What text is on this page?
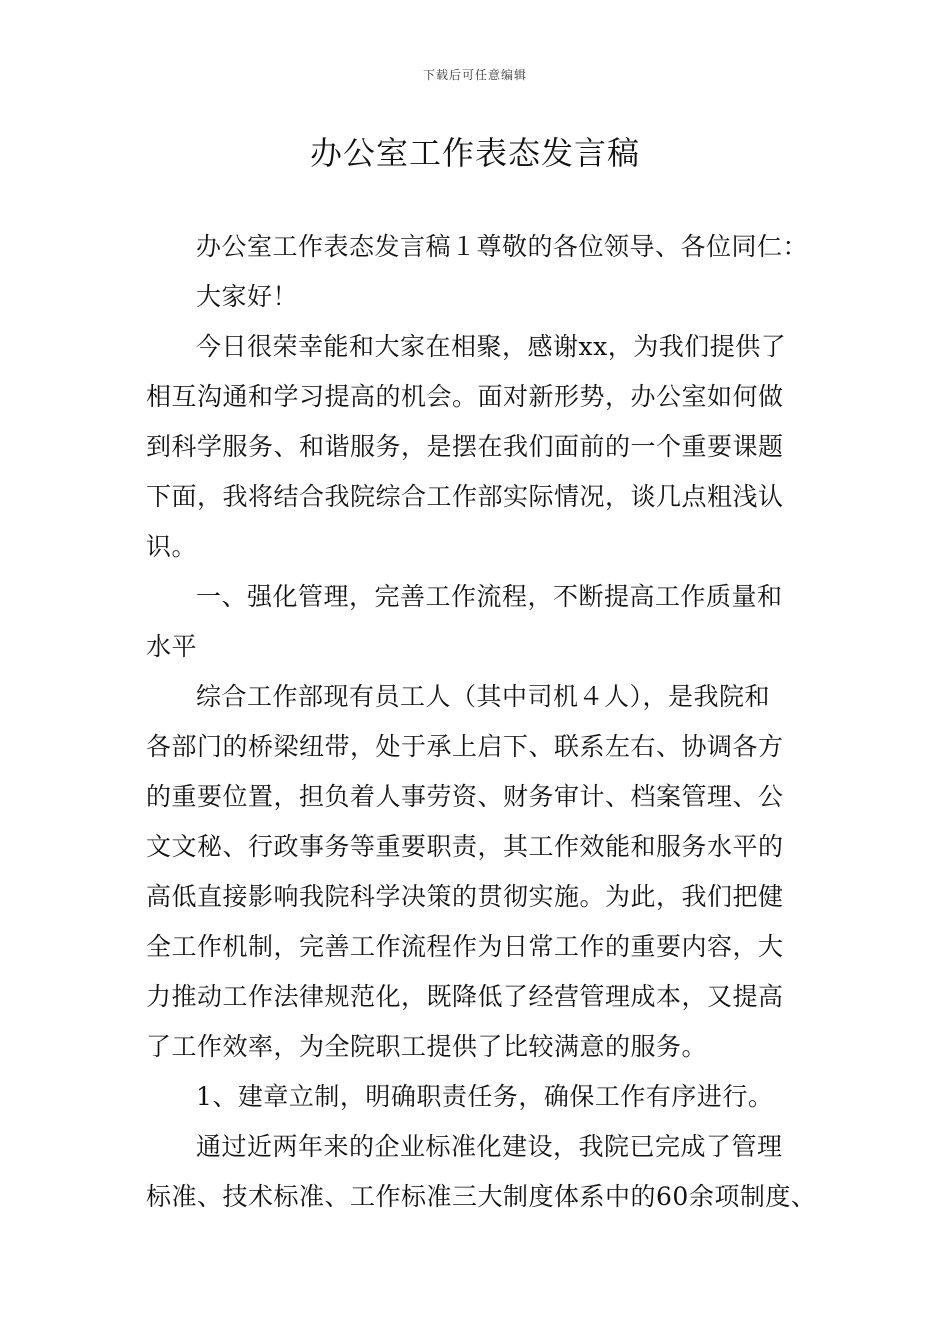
下载后可任意编辑
办公室工作表态发言稿
办公室工作表态发言稿１尊敬的各位领导、各位同仁：
大家好！
今日很荣幸能和大家在相聚，感谢xx，为我们提供了
相互沟通和学习提高的机会。面对新形势，办公室如何做
到科学服务、和谐服务，是摆在我们面前的一个重要课题
下面，我将结合我院综合工作部实际情况，谈几点粗浅认
识。
一、强化管理，完善工作流程，不断提高工作质量和
水平
综合工作部现有员工人（其中司机４人），是我院和
各部门的桥梁纽带，处于承上启下、联系左右、协调各方
的重要位置，担负着人事劳资、财务审计、档案管理、公
文文秘、行政事务等重要职责，其工作效能和服务水平的
高低直接影响我院科学决策的贯彻实施。为此，我们把健
全工作机制，完善工作流程作为日常工作的重要内容，大
力推动工作法律规范化，既降低了经营管理成本，又提高
了工作效率，为全院职工提供了比较满意的服务。
1、建章立制，明确职责任务，确保工作有序进行。
通过近两年来的企业标准化建设，我院已完成了管理
标准、技术标准、工作标准三大制度体系中的60余项制度、
